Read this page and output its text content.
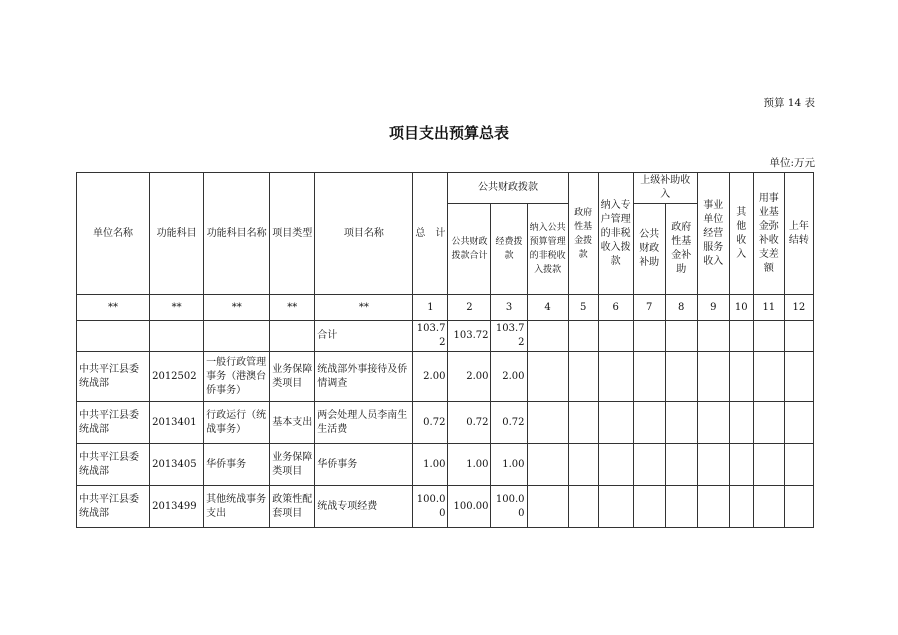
预算 14 表
项目支出预算总表
单位:万元
单位名称	功能科目	功能科目名称	项目类型	项目名称	总　计	公共财政拨款			政府性基金拨款	纳入专户管理的非税收入拨款	上级补助收入		事业单位经营服务收入	其他收入	用事业基金弥补收支差额	上年结转
						公共财政拨款合计	经费拨款	纳入公共预算管理的非税收入拨款			公共财政补助	政府性基金补助				
**	**	**	**	**	1	2	3	4	5	6	7	8	9	10	11	12
				合计	103.72	103.72	103.72									
中共平江县委统战部	2012502	一般行政管理事务（港澳台侨事务）	业务保障类项目	统战部外事接待及侨情调查	2.00	2.00	2.00									
中共平江县委统战部	2013401	行政运行（统战事务）	基本支出	两会处理人员李南生生活费	0.72	0.72	0.72									
中共平江县委统战部	2013405	华侨事务	业务保障类项目	华侨事务	1.00	1.00	1.00									
中共平江县委统战部	2013499	其他统战事务支出	政策性配套项目	统战专项经费	100.00	100.00	100.00									
